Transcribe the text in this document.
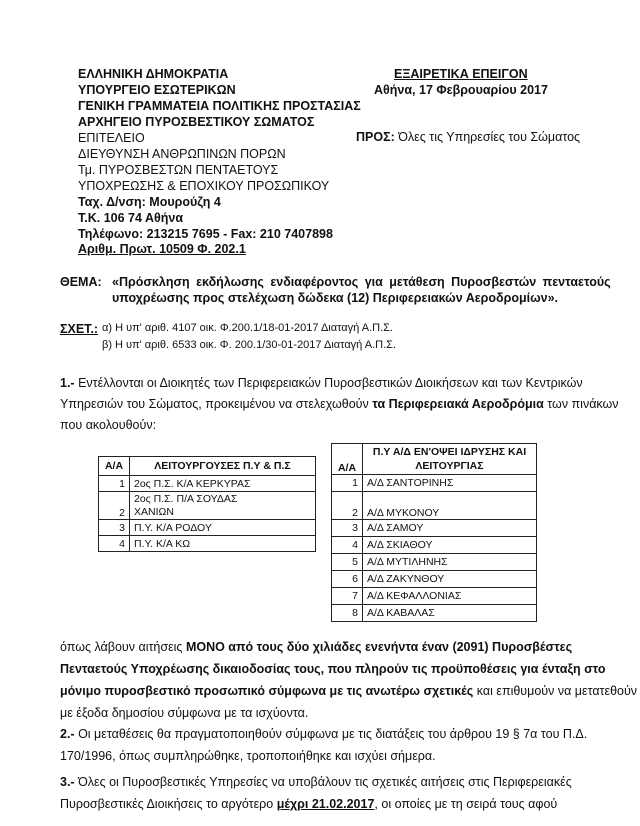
ΕΛΛΗΝΙΚΗ ΔΗΜΟΚΡΑΤΙΑ
ΥΠΟΥΡΓΕΙΟ ΕΣΩΤΕΡΙΚΩΝ
ΓΕΝΙΚΗ ΓΡΑΜΜΑΤΕΙΑ ΠΟΛΙΤΙΚΗΣ ΠΡΟΣΤΑΣΙΑΣ
ΑΡΧΗΓΕΙΟ ΠΥΡΟΣΒΕΣΤΙΚΟΥ ΣΩΜΑΤΟΣ
ΕΠΙΤΕΛΕΙΟ
ΔΙΕΥΘΥΝΣΗ ΑΝΘΡΩΠΙΝΩΝ ΠΟΡΩΝ
Τμ. ΠΥΡΟΣΒΕΣΤΩΝ ΠΕΝΤΑΕΤΟΥΣ
ΥΠΟΧΡΕΩΣΗΣ & ΕΠΟΧΙΚΟΥ ΠΡΟΣΩΠΙΚΟΥ
Ταχ. Δ/νση: Μουρούζη 4
Τ.Κ. 106 74 Αθήνα
Τηλέφωνο: 213215 7695 - Fax: 210 7407898
Αριθμ. Πρωτ. 10509 Φ. 202.1
ΕΞΑΙΡΕΤΙΚΑ ΕΠΕΙΓΟΝ
Αθήνα, 17 Φεβρουαρίου 2017
ΠΡΟΣ: Όλες τις Υπηρεσίες του Σώματος
ΘΕΜΑ: «Πρόσκληση εκδήλωσης ενδιαφέροντος για μετάθεση Πυροσβεστών πενταετούς
υποχρέωσης προς στελέχωση δώδεκα (12) Περιφερειακών Αεροδρομίων».
ΣΧΕΤ.: α) Η υπ' αριθ. 4107 οικ. Φ.200.1/18-01-2017 Διαταγή Α.Π.Σ.
β) Η υπ' αριθ. 6533 οικ. Φ. 200.1/30-01-2017 Διαταγή Α.Π.Σ.
1.- Εντέλλονται οι Διοικητές των Περιφερειακών Πυροσβεστικών Διοικήσεων και των Κεντρικών
Υπηρεσιών του Σώματος, προκειμένου να στελεχωθούν τα Περιφερειακά Αεροδρόμια των πινάκων
που ακολουθούν:
Α/Α	ΛΕΙΤΟΥΡΓΟΥΣΕΣ Π.Υ & Π.Σ
1	2ος Π.Σ. Κ/Α ΚΕΡΚΥΡΑΣ
2	2ος Π.Σ. Π/Α ΣΟΥΔΑΣ
ΧΑΝΙΩΝ

3	Π.Υ. Κ/Α ΡΟΔΟΥ
4	Π.Υ. Κ/Α ΚΩ
Α/Α	Π.Υ Α/Δ ΕΝ'ΟΨΕΙ ΙΔΡΥΣΗΣ ΚΑΙ
ΛΕΙΤΟΥΡΓΙΑΣ

1	Α/Δ ΣΑΝΤΟΡΙΝΗΣ
2	Α/Δ ΜΥΚΟΝΟΥ
3	Α/Δ ΣΑΜΟΥ
4	Α/Δ ΣΚΙΑΘΟΥ
5	Α/Δ ΜΥΤΙΛΗΝΗΣ
6	Α/Δ ΖΑΚΥΝΘΟΥ
7	Α/Δ ΚΕΦΑΛΛΟΝΙΑΣ
8	Α/Δ ΚΑΒΑΛΑΣ
όπως λάβουν αιτήσεις ΜΟΝΟ από τους δύο χιλιάδες ενενήντα έναν (2091) Πυροσβέστες
Πενταετούς Υποχρέωσης δικαιοδοσίας τους, που πληρούν τις προϋποθέσεις για ένταξη στο
μόνιμο πυροσβεστικό προσωπικό σύμφωνα με τις ανωτέρω σχετικές και επιθυμούν να μετατεθούν
με έξοδα δημοσίου σύμφωνα με τα ισχύοντα.
2.- Οι μεταθέσεις θα πραγματοποιηθούν σύμφωνα με τις διατάξεις του άρθρου 19 § 7α του Π.Δ.
170/1996, όπως συμπληρώθηκε, τροποποιήθηκε και ισχύει σήμερα.
3.- Όλες οι Πυροσβεστικές Υπηρεσίες να υποβάλουν τις σχετικές αιτήσεις στις Περιφερειακές
Πυροσβεστικές Διοικήσεις το αργότερο μέχρι 21.02.2017, οι οποίες με τη σειρά τους αφού
